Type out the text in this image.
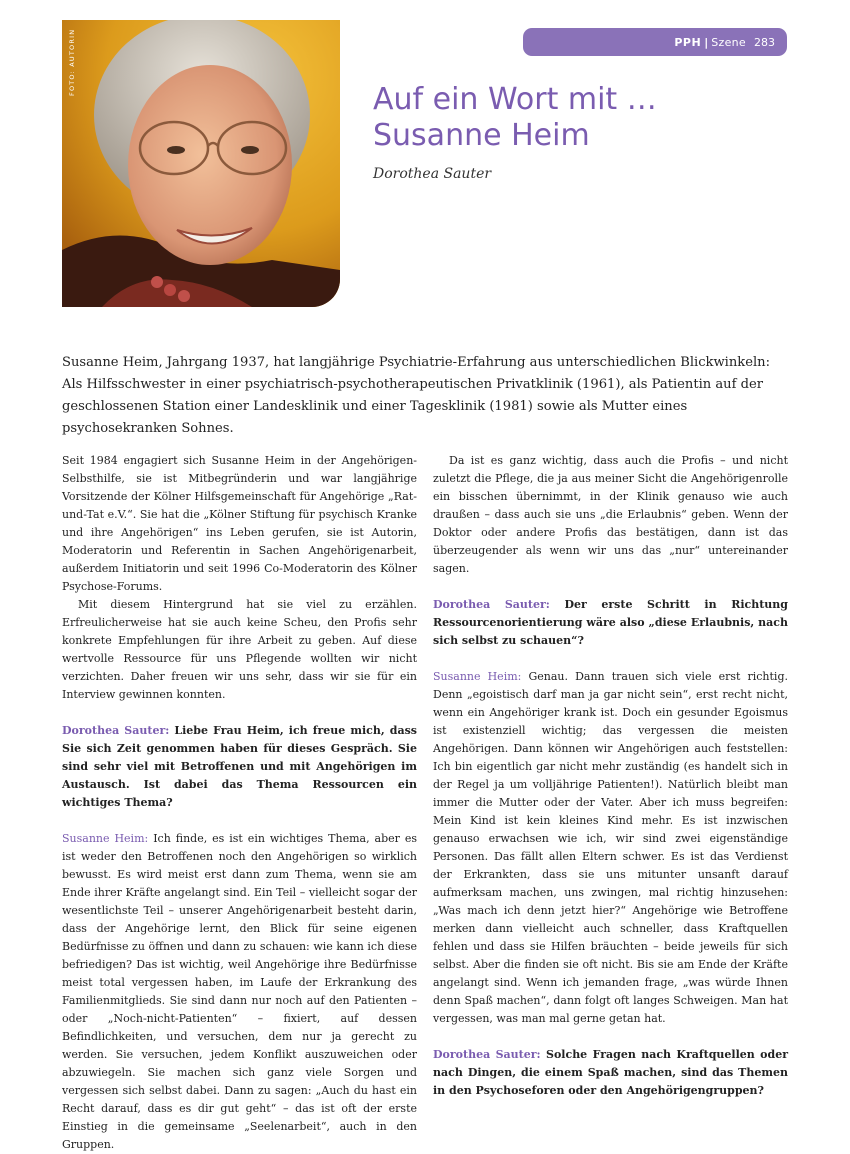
PPH | Szene 283
FOTO: AUTORIN
Auf ein Wort mit …
Susanne Heim
Dorothea Sauter

Susanne Heim, Jahrgang 1937, hat langjährige Psychiatrie-Erfahrung aus unterschiedlichen Blickwinkeln: Als Hilfsschwester in einer psychiatrisch-psychotherapeutischen Privatklinik (1961), als Patientin auf der geschlossenen Station einer Landesklinik und einer Tagesklinik (1981) sowie als Mutter eines psychosekranken Sohnes.

Seit 1984 engagiert sich Susanne Heim in der Angehörigen-Selbsthilfe, sie ist Mitbegründerin und war langjährige Vorsitzende der Kölner Hilfsgemeinschaft für Angehörige „Rat-und-Tat e.V.“. Sie hat die „Kölner Stiftung für psychisch Kranke und ihre Angehörigen“ ins Leben gerufen, sie ist Autorin, Moderatorin und Referentin in Sachen Angehörigenarbeit, außerdem Initiatorin und seit 1996 Co-Moderatorin des Kölner Psychose-Forums.

Mit diesem Hintergrund hat sie viel zu erzählen. Erfreulicherweise hat sie auch keine Scheu, den Profis sehr konkrete Empfehlungen für ihre Arbeit zu geben. Auf diese wertvolle Ressource für uns Pflegende wollten wir nicht verzichten. Daher freuen wir uns sehr, dass wir sie für ein Interview gewinnen konnten.

Dorothea Sauter: Liebe Frau Heim, ich freue mich, dass Sie sich Zeit genommen haben für dieses Gespräch. Sie sind sehr viel mit Betroffenen und mit Angehörigen im Austausch. Ist dabei das Thema Ressourcen ein wichtiges Thema?

Susanne Heim: Ich finde, es ist ein wichtiges Thema, aber es ist weder den Betroffenen noch den Angehörigen so wirklich bewusst. Es wird meist erst dann zum Thema, wenn sie am Ende ihrer Kräfte angelangt sind. Ein Teil – vielleicht sogar der wesentlichste Teil – unserer Angehörigenarbeit besteht darin, dass der Angehörige lernt, den Blick für seine eigenen Bedürfnisse zu öffnen und dann zu schauen: wie kann ich diese befriedigen? Das ist wichtig, weil Angehörige ihre Bedürfnisse meist total vergessen haben, im Laufe der Erkrankung des Familienmitglieds. Sie sind dann nur noch auf den Patienten – oder „Noch-nicht-Patienten“ – fixiert, auf dessen Befindlichkeiten, und versuchen, dem nur ja gerecht zu werden. Sie versuchen, jedem Konflikt auszuweichen oder abzuwiegeln. Sie machen sich ganz viele Sorgen und vergessen sich selbst dabei. Dann zu sagen: „Auch du hast ein Recht darauf, dass es dir gut geht“ – das ist oft der erste Einstieg in die gemeinsame „Seelenarbeit“, auch in den Gruppen.

Da ist es ganz wichtig, dass auch die Profis – und nicht zuletzt die Pflege, die ja aus meiner Sicht die Angehörigenrolle ein bisschen übernimmt, in der Klinik genauso wie auch draußen – dass auch sie uns „die Erlaubnis“ geben. Wenn der Doktor oder andere Profis das bestätigen, dann ist das überzeugender als wenn wir uns das „nur“ untereinander sagen.

Dorothea Sauter: Der erste Schritt in Richtung Ressourcenorientierung wäre also „diese Erlaubnis, nach sich selbst zu schauen“?

Susanne Heim: Genau. Dann trauen sich viele erst richtig. Denn „egoistisch darf man ja gar nicht sein“, erst recht nicht, wenn ein Angehöriger krank ist. Doch ein gesunder Egoismus ist existenziell wichtig; das vergessen die meisten Angehörigen. Dann können wir Angehörigen auch feststellen: Ich bin eigentlich gar nicht mehr zuständig (es handelt sich in der Regel ja um volljährige Patienten!). Natürlich bleibt man immer die Mutter oder der Vater. Aber ich muss begreifen: Mein Kind ist kein kleines Kind mehr. Es ist inzwischen genauso erwachsen wie ich, wir sind zwei eigenständige Personen. Das fällt allen Eltern schwer. Es ist das Verdienst der Erkrankten, dass sie uns mitunter unsanft darauf aufmerksam machen, uns zwingen, mal richtig hinzusehen: „Was mach ich denn jetzt hier?“ Angehörige wie Betroffene merken dann vielleicht auch schneller, dass Kraftquellen fehlen und dass sie Hilfen bräuchten – beide jeweils für sich selbst. Aber die finden sie oft nicht. Bis sie am Ende der Kräfte angelangt sind. Wenn ich jemanden frage, „was würde Ihnen denn Spaß machen“, dann folgt oft langes Schweigen. Man hat vergessen, was man mal gerne getan hat.

Dorothea Sauter: Solche Fragen nach Kraftquellen oder nach Dingen, die einem Spaß machen, sind das Themen in den Psychoseforen oder den Angehörigengruppen?
